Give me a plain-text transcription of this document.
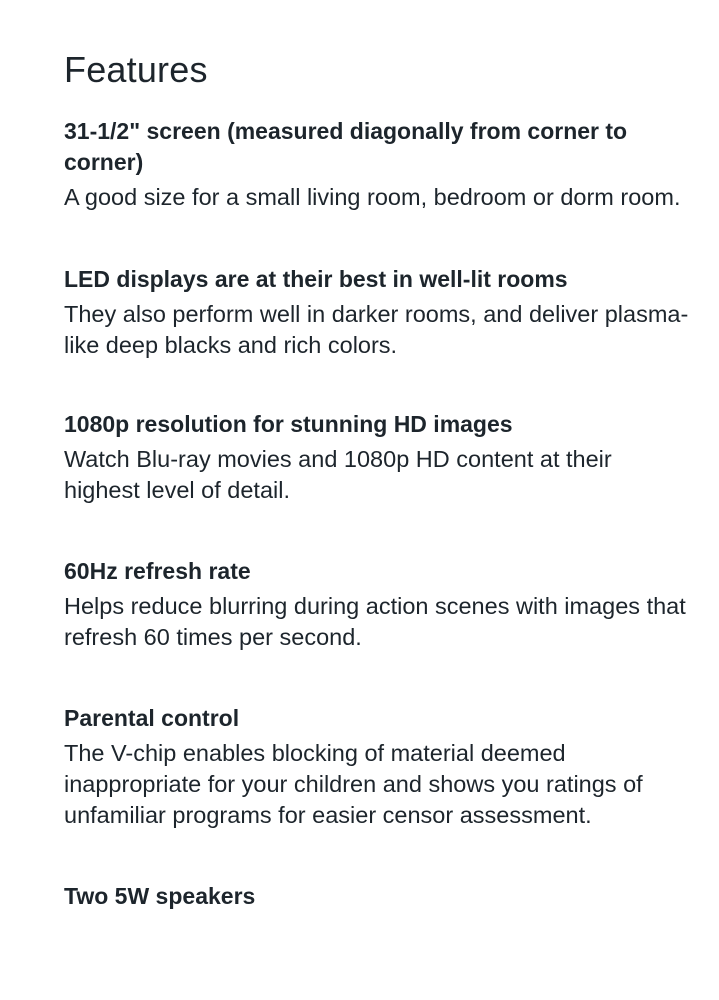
Features
31-1/2" screen (measured diagonally from corner to corner)

A good size for a small living room, bedroom or dorm room.

LED displays are at their best in well-lit rooms

They also perform well in darker rooms, and deliver plasma-like deep blacks and rich colors.

1080p resolution for stunning HD images

Watch Blu-ray movies and 1080p HD content at their highest level of detail.

60Hz refresh rate

Helps reduce blurring during action scenes with images that refresh 60 times per second.

Parental control

The V-chip enables blocking of material deemed inappropriate for your children and shows you ratings of unfamiliar programs for easier censor assessment.

Two 5W speakers
